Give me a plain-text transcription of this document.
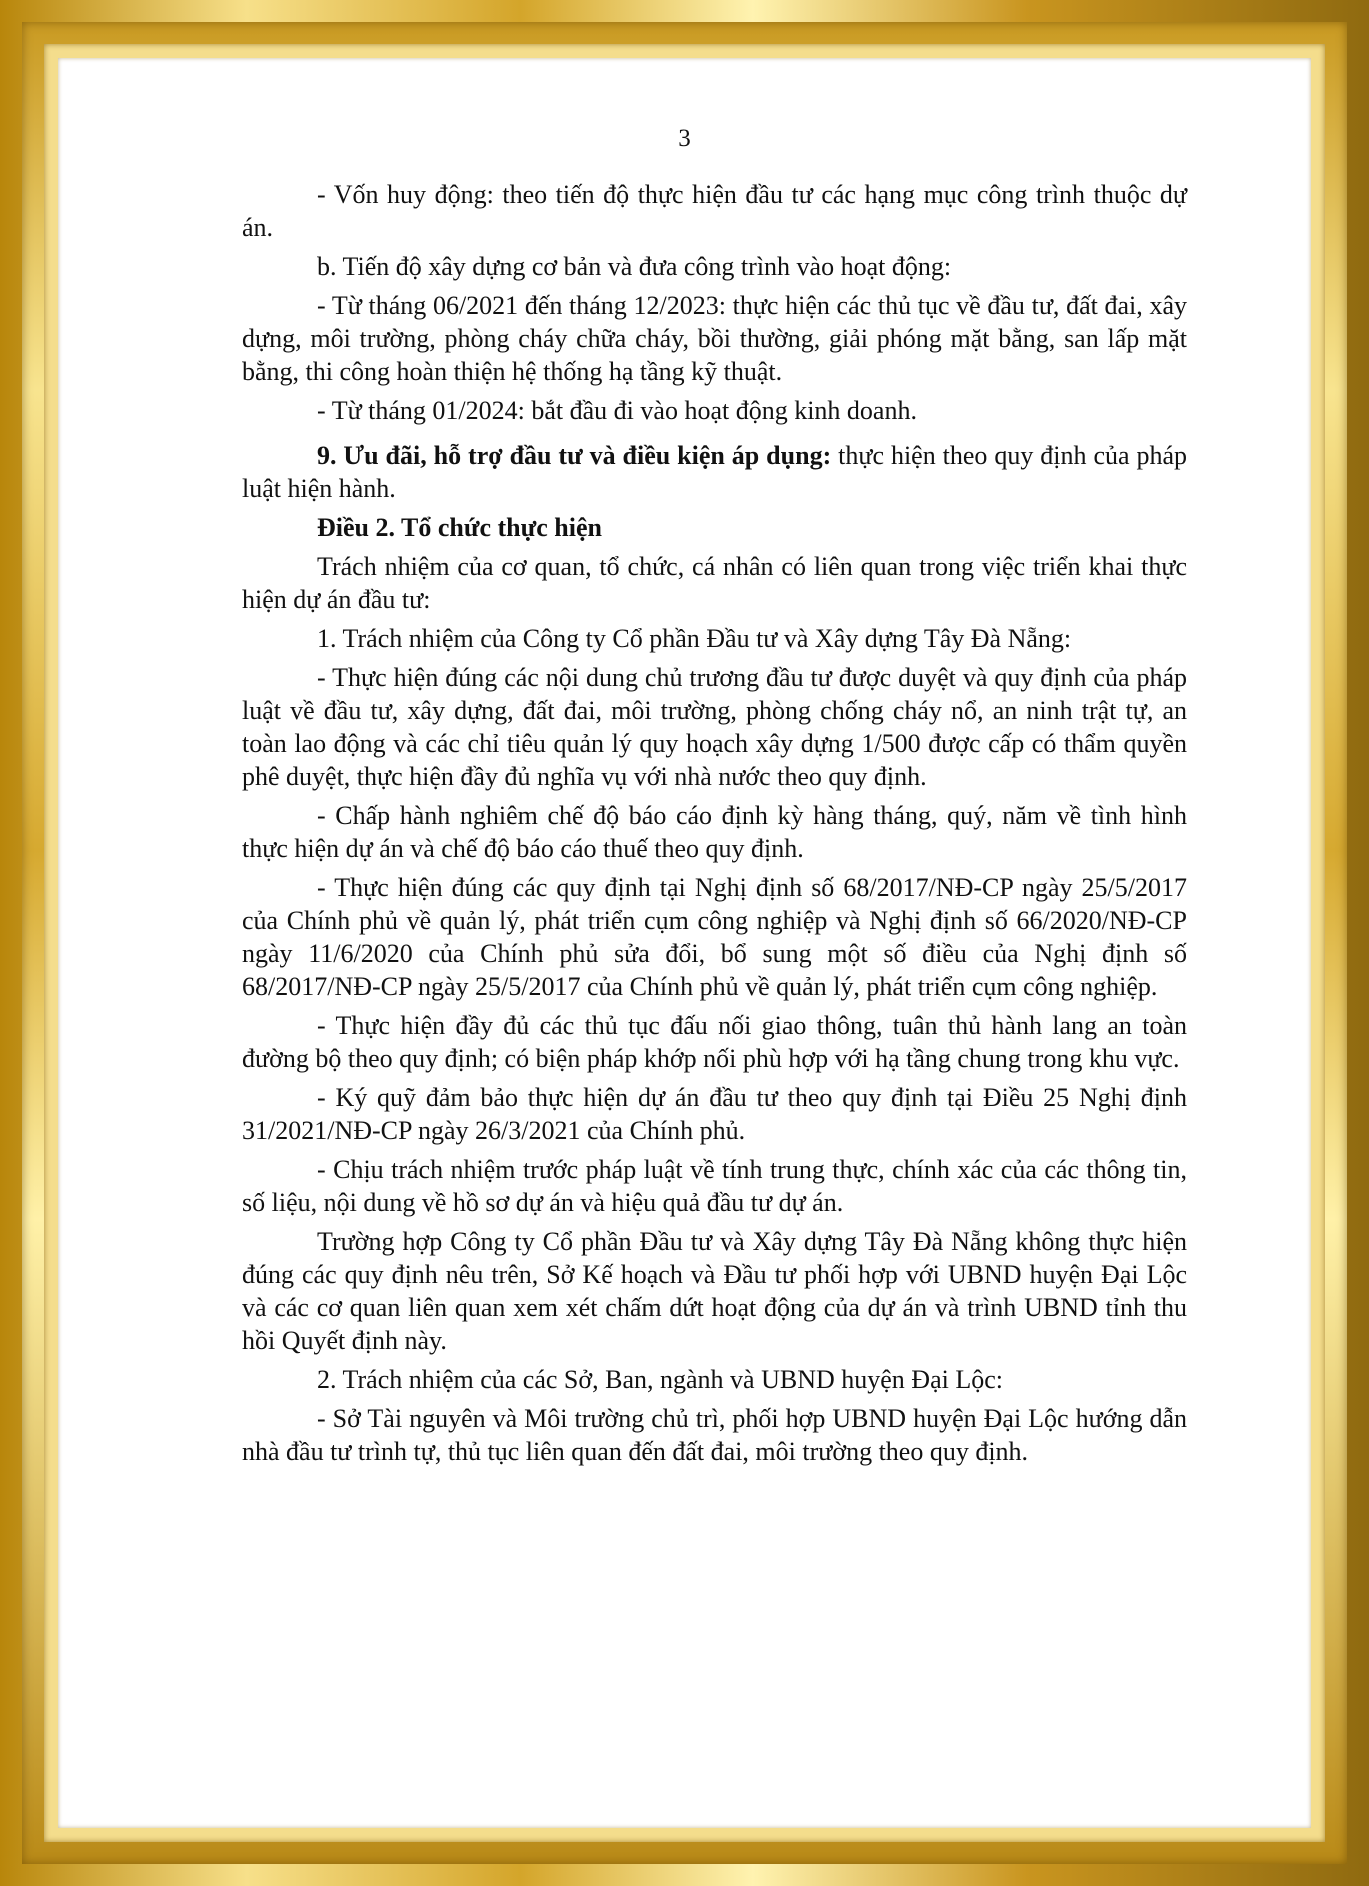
3

- Vốn huy động: theo tiến độ thực hiện đầu tư các hạng mục công trình thuộc dự án.

b. Tiến độ xây dựng cơ bản và đưa công trình vào hoạt động:

- Từ tháng 06/2021 đến tháng 12/2023: thực hiện các thủ tục về đầu tư, đất đai, xây dựng, môi trường, phòng cháy chữa cháy, bồi thường, giải phóng mặt bằng, san lấp mặt bằng, thi công hoàn thiện hệ thống hạ tầng kỹ thuật.

- Từ tháng 01/2024: bắt đầu đi vào hoạt động kinh doanh.

9. Ưu đãi, hỗ trợ đầu tư và điều kiện áp dụng: thực hiện theo quy định của pháp luật hiện hành.

Điều 2. Tổ chức thực hiện

Trách nhiệm của cơ quan, tổ chức, cá nhân có liên quan trong việc triển khai thực hiện dự án đầu tư:

1. Trách nhiệm của Công ty Cổ phần Đầu tư và Xây dựng Tây Đà Nẵng:

- Thực hiện đúng các nội dung chủ trương đầu tư được duyệt và quy định của pháp luật về đầu tư, xây dựng, đất đai, môi trường, phòng chống cháy nổ, an ninh trật tự, an toàn lao động và các chỉ tiêu quản lý quy hoạch xây dựng 1/500 được cấp có thẩm quyền phê duyệt, thực hiện đầy đủ nghĩa vụ với nhà nước theo quy định.

- Chấp hành nghiêm chế độ báo cáo định kỳ hàng tháng, quý, năm về tình hình thực hiện dự án và chế độ báo cáo thuế theo quy định.

- Thực hiện đúng các quy định tại Nghị định số 68/2017/NĐ-CP ngày 25/5/2017 của Chính phủ về quản lý, phát triển cụm công nghiệp và Nghị định số 66/2020/NĐ-CP ngày 11/6/2020 của Chính phủ sửa đổi, bổ sung một số điều của Nghị định số 68/2017/NĐ-CP ngày 25/5/2017 của Chính phủ về quản lý, phát triển cụm công nghiệp.

- Thực hiện đầy đủ các thủ tục đấu nối giao thông, tuân thủ hành lang an toàn đường bộ theo quy định; có biện pháp khớp nối phù hợp với hạ tầng chung trong khu vực.

- Ký quỹ đảm bảo thực hiện dự án đầu tư theo quy định tại Điều 25 Nghị định 31/2021/NĐ-CP ngày 26/3/2021 của Chính phủ.

- Chịu trách nhiệm trước pháp luật về tính trung thực, chính xác của các thông tin, số liệu, nội dung về hồ sơ dự án và hiệu quả đầu tư dự án.

Trường hợp Công ty Cổ phần Đầu tư và Xây dựng Tây Đà Nẵng không thực hiện đúng các quy định nêu trên, Sở Kế hoạch và Đầu tư phối hợp với UBND huyện Đại Lộc và các cơ quan liên quan xem xét chấm dứt hoạt động của dự án và trình UBND tỉnh thu hồi Quyết định này.

2. Trách nhiệm của các Sở, Ban, ngành và UBND huyện Đại Lộc:

- Sở Tài nguyên và Môi trường chủ trì, phối hợp UBND huyện Đại Lộc hướng dẫn nhà đầu tư trình tự, thủ tục liên quan đến đất đai, môi trường theo quy định.
